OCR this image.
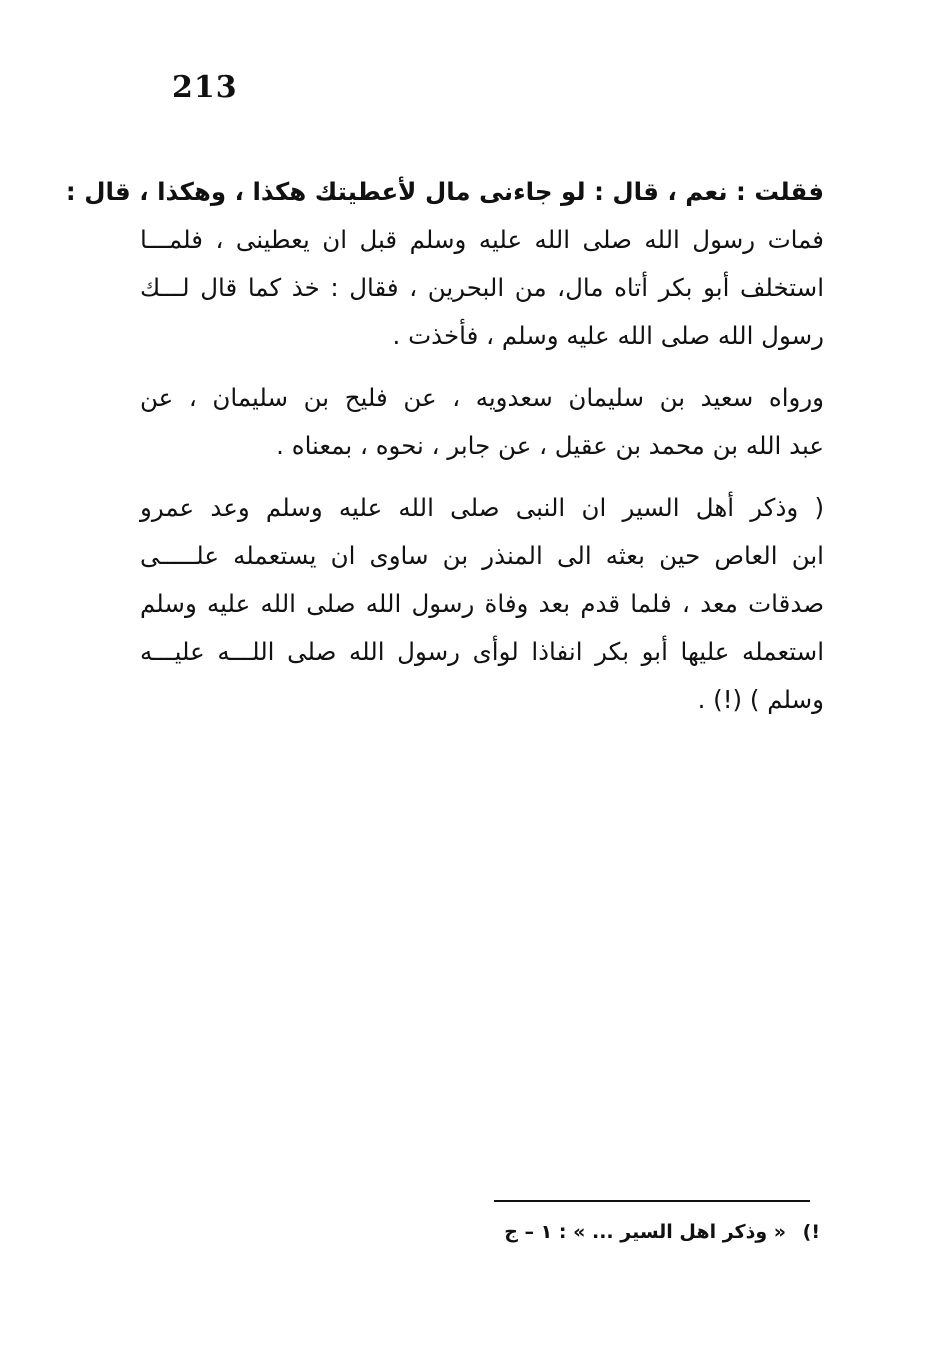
213
فقلت : نعم ، قال : لو جاءنى مال لأعطيتك هكذا ، وهكذا ، قال :
فمات رسول الله صلى الله عليه وسلم قبل ان يعطينى ، فلمـــا
استخلف أبو بكر أتاه مال، من البحرين ، فقال : خذ كما قال لـــك
رسول الله صلى الله عليه وسلم ، فأخذت .
ورواه سعيد بن سليمان سعدويه ، عن فليح بن سليمان ، عن
عبد الله بن محمد بن عقيل ، عن جابر ، نحوه ، بمعناه .
( وذكر أهل السير ان النبى صلى الله عليه وسلم وعد عمرو
ابن العاص حين بعثه الى المنذر بن ساوى ان يستعمله علـــــى
صدقات معد ، فلما قدم بعد وفاة رسول الله صلى الله عليه وسلم
استعمله عليها أبو بكر انفاذا لوأى رسول الله صلى اللـــه عليـــه
وسلم ) (!) .
!) « وذكر اهل السير ... » : ١ – ج
